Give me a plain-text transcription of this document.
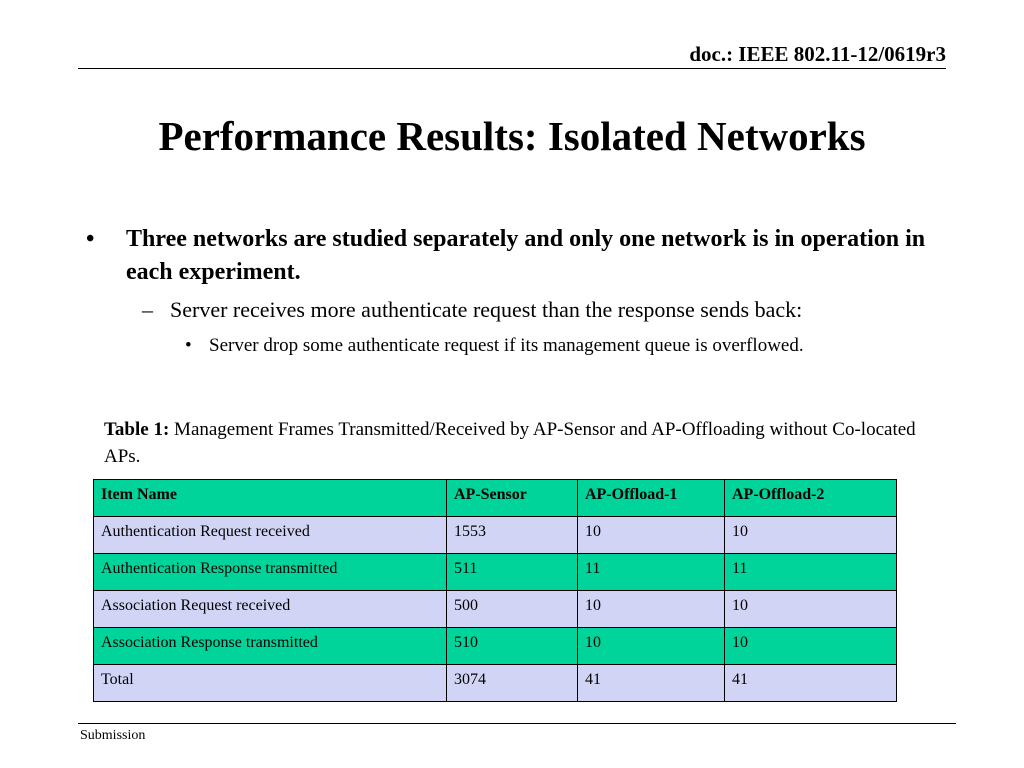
doc.: IEEE 802.11-12/0619r3
Performance Results: Isolated Networks
• Three networks are studied separately and only one network is in operation in each experiment.
– Server receives more authenticate request than the response sends back:
• Server drop some authenticate request if its management queue is overflowed.
Table 1: Management Frames Transmitted/Received by AP-Sensor and AP-Offloading without Co-located APs.
Item Name	AP-Sensor	AP-Offload-1	AP-Offload-2
Authentication Request received	1553	10	10
Authentication Response transmitted	511	11	11
Association Request received	500	10	10
Association Response transmitted	510	10	10
Total	3074	41	41
Submission
